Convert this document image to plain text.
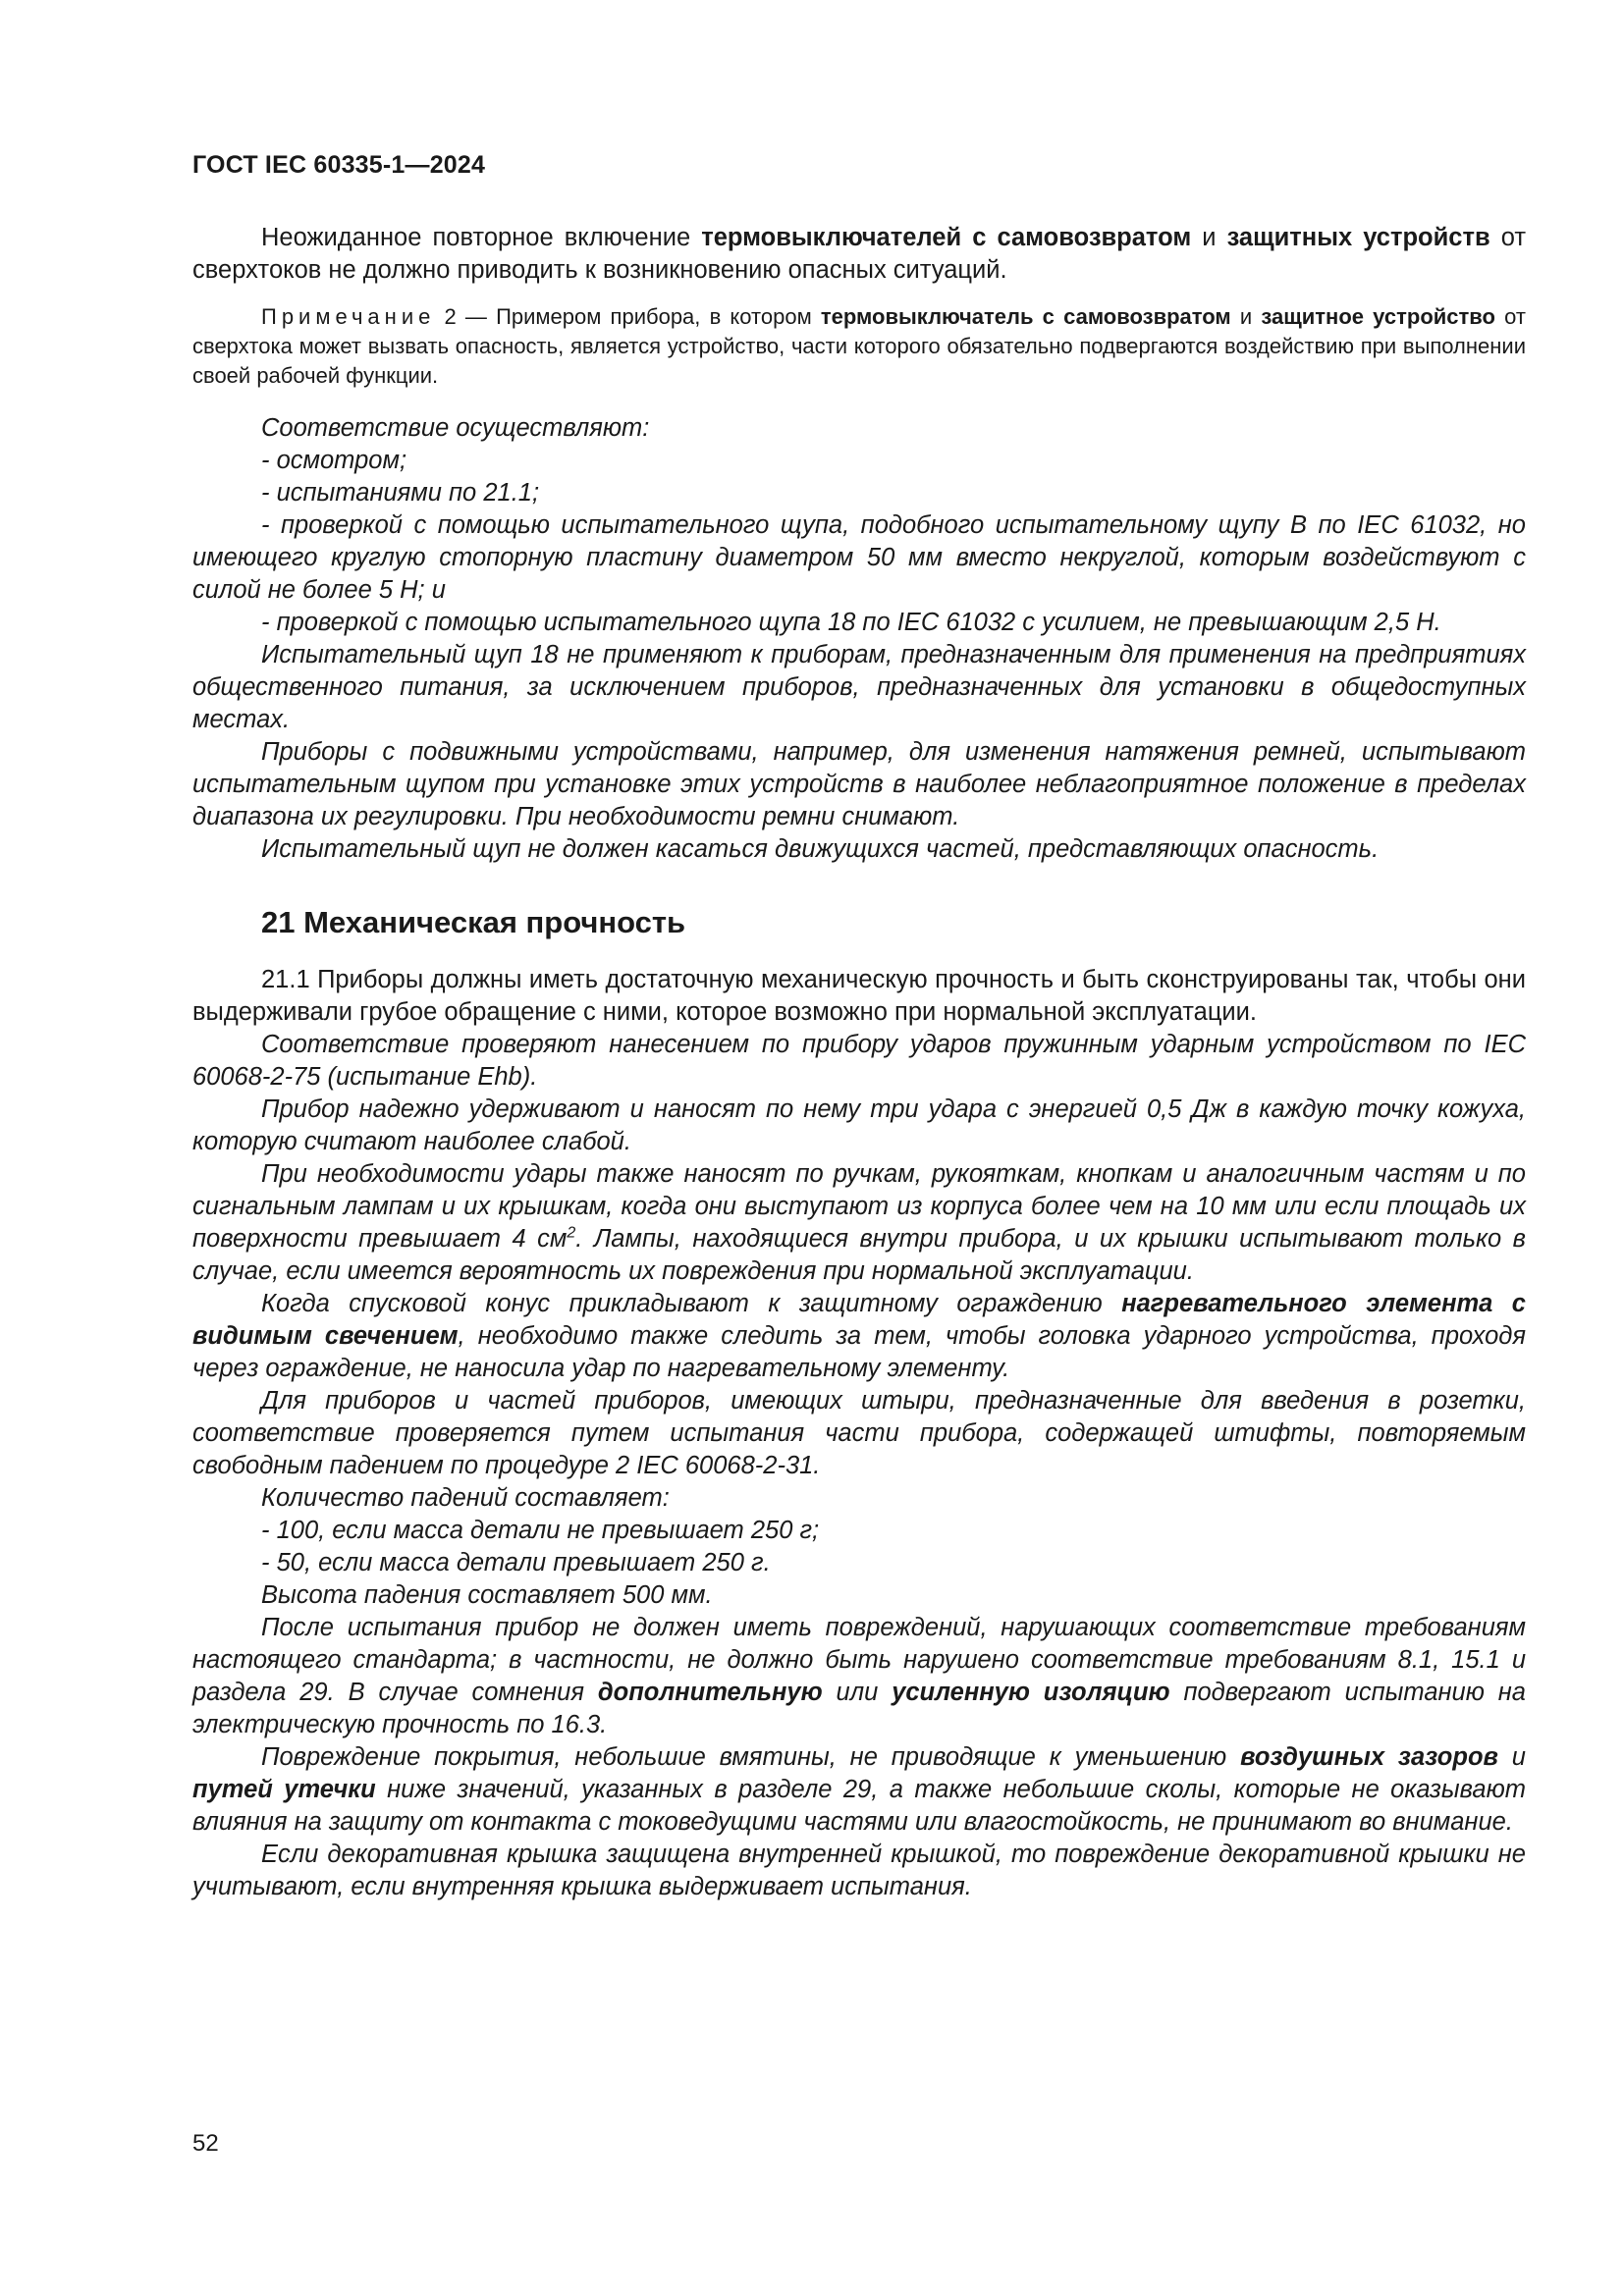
ГОСТ IEC 60335-1—2024

Неожиданное повторное включение термовыключателей с самовозвратом и защитных устройств от сверхтоков не должно приводить к возникновению опасных ситуаций.

Примечание 2 — Примером прибора, в котором термовыключатель с самовозвратом и защитное устройство от сверхтока может вызвать опасность, является устройство, части которого обязательно подвергаются воздействию при выполнении своей рабочей функции.

Соответствие осуществляют:

- осмотром;

- испытаниями по 21.1;

- проверкой с помощью испытательного щупа, подобного испытательному щупу В по IEC 61032, но имеющего круглую стопорную пластину диаметром 50 мм вместо некруглой, которым воздействуют с силой не более 5 Н; и

- проверкой с помощью испытательного щупа 18 по IEC 61032 с усилием, не превышающим 2,5 Н.

Испытательный щуп 18 не применяют к приборам, предназначенным для применения на предприятиях общественного питания, за исключением приборов, предназначенных для установки в общедоступных местах.

Приборы с подвижными устройствами, например, для изменения натяжения ремней, испытывают испытательным щупом при установке этих устройств в наиболее неблагоприятное положение в пределах диапазона их регулировки. При необходимости ремни снимают.

Испытательный щуп не должен касаться движущихся частей, представляющих опасность.

21 Механическая прочность

21.1 Приборы должны иметь достаточную механическую прочность и быть сконструированы так, чтобы они выдерживали грубое обращение с ними, которое возможно при нормальной эксплуатации.

Соответствие проверяют нанесением по прибору ударов пружинным ударным устройством по IEC 60068-2-75 (испытание Ehb).

Прибор надежно удерживают и наносят по нему три удара с энергией 0,5 Дж в каждую точку кожуха, которую считают наиболее слабой.

При необходимости удары также наносят по ручкам, рукояткам, кнопкам и аналогичным частям и по сигнальным лампам и их крышкам, когда они выступают из корпуса более чем на 10 мм или если площадь их поверхности превышает 4 $см^2$. Лампы, находящиеся внутри прибора, и их крышки испытывают только в случае, если имеется вероятность их повреждения при нормальной эксплуатации.

Когда спусковой конус прикладывают к защитному ограждению нагревательного элемента с видимым свечением, необходимо также следить за тем, чтобы головка ударного устройства, проходя через ограждение, не наносила удар по нагревательному элементу.

Для приборов и частей приборов, имеющих штыри, предназначенные для введения в розетки, соответствие проверяется путем испытания части прибора, содержащей штифты, повторяемым свободным падением по процедуре 2 IEC 60068-2-31.

Количество падений составляет:

- 100, если масса детали не превышает 250 г;

- 50, если масса детали превышает 250 г.

Высота падения составляет 500 мм.

После испытания прибор не должен иметь повреждений, нарушающих соответствие требованиям настоящего стандарта; в частности, не должно быть нарушено соответствие требованиям 8.1, 15.1 и раздела 29. В случае сомнения дополнительную или усиленную изоляцию подвергают испытанию на электрическую прочность по 16.3.

Повреждение покрытия, небольшие вмятины, не приводящие к уменьшению воздушных зазоров и путей утечки ниже значений, указанных в разделе 29, а также небольшие сколы, которые не оказывают влияния на защиту от контакта с токоведущими частями или влагостойкость, не принимают во внимание.

Если декоративная крышка защищена внутренней крышкой, то повреждение декоративной крышки не учитывают, если внутренняя крышка выдерживает испытания.

52
